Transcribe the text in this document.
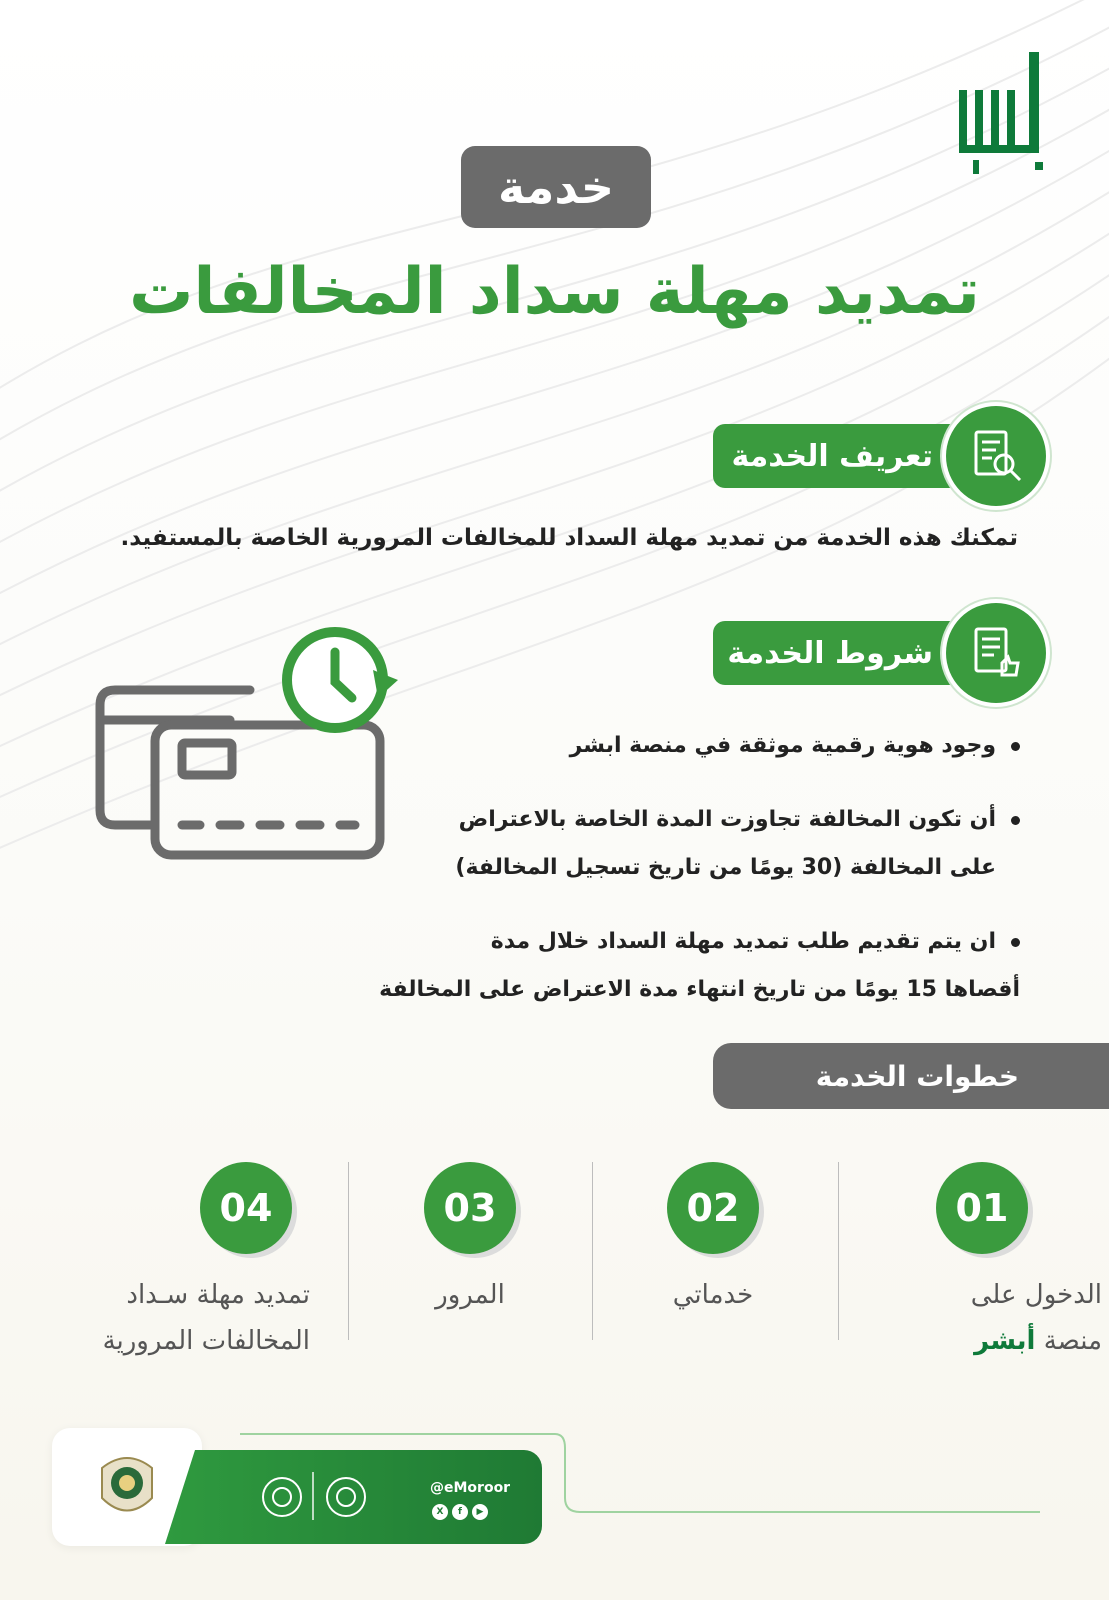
خدمة
تمديد مهلة سداد المخالفات
تعريف الخدمة
تمكنك هذه الخدمة من تمديد مهلة السداد للمخالفات المرورية الخاصة بالمستفيد.
شروط الخدمة
وجود هوية رقمية موثقة في منصة ابشر
أن تكون المخالفة تجاوزت المدة الخاصة بالاعتراض
على المخالفة (30 يومًا من تاريخ تسجيل المخالفة)
ان يتم تقديم طلب تمديد مهلة السداد خلال مدة
أقصاها 15 يومًا من تاريخ انتهاء مدة الاعتراض على المخالفة
خطوات الخدمة
01
الدخول على
منصة أبشر
02
خدماتي
03
المرور
04
تمديد مهلة سـداد
المخالفات المرورية
@eMoroor
X	f	▶
